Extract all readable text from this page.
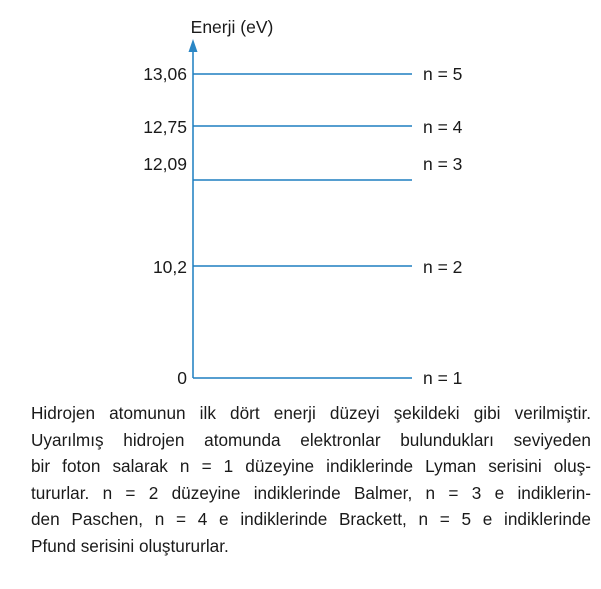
Enerji (eV)
13,06	n = 5
12,75	n = 4
12,09	n = 3
10,2	n = 2
0	n = 1
Hidrojen atomunun ilk dört enerji düzeyi şekildeki gibi verilmiştir.
Uyarılmış hidrojen atomunda elektronlar bulundukları seviyeden
bir foton salarak n = 1 düzeyine indiklerinde Lyman serisini oluş-
tururlar. n = 2 düzeyine indiklerinde Balmer, n = 3 e indiklerin-
den Paschen, n = 4 e indiklerinde Brackett, n = 5 e indiklerinde
Pfund serisini oluştururlar.
